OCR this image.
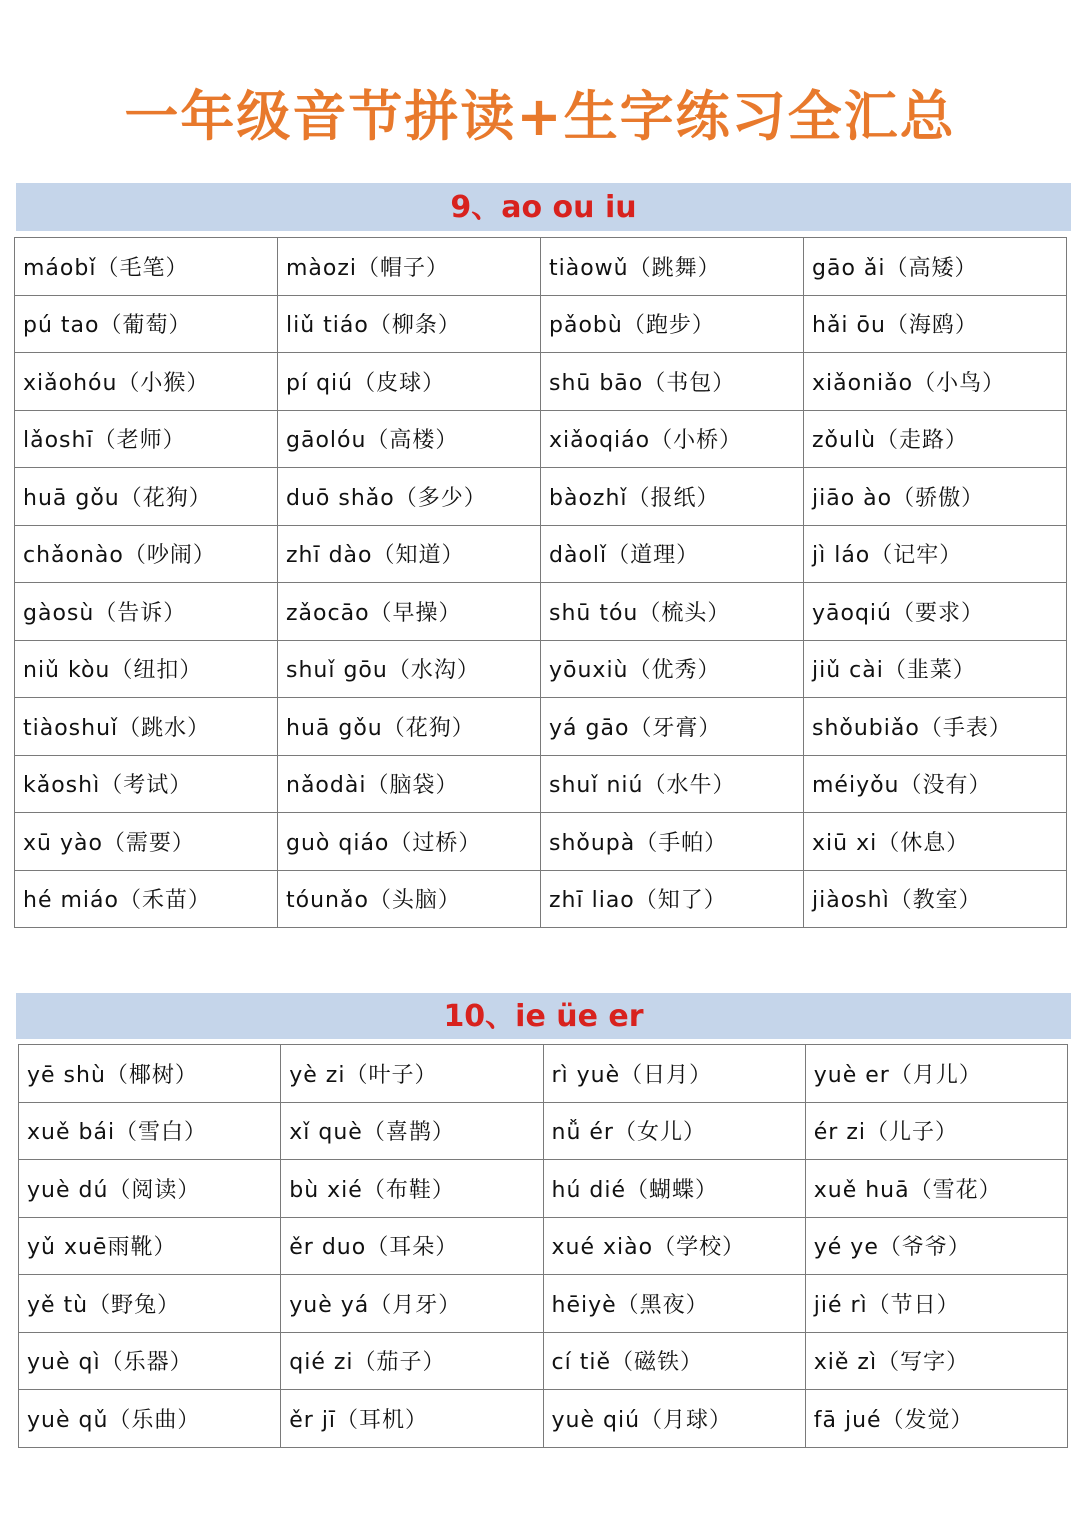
一年级音节拼读+生字练习全汇总
9、ao ou iu
máobǐ（毛笔）	màozi（帽子）	tiàowǔ（跳舞）	gāo ǎi（高矮）
pú tao（葡萄）	liǔ tiáo（柳条）	pǎobù（跑步）	hǎi ōu（海鸥）
xiǎohóu（小猴）	pí qiú（皮球）	shū bāo（书包）	xiǎoniǎo（小鸟）
lǎoshī（老师）	gāolóu（高楼）	xiǎoqiáo（小桥）	zǒulù（走路）
huā gǒu（花狗）	duō shǎo（多少）	bàozhǐ（报纸）	jiāo ào（骄傲）
chǎonào（吵闹）	zhī dào（知道）	dàolǐ（道理）	jì láo（记牢）
gàosù（告诉）	zǎocāo（早操）	shū tóu（梳头）	yāoqiú（要求）
niǔ kòu（纽扣）	shuǐ gōu（水沟）	yōuxiù（优秀）	jiǔ cài（韭菜）
tiàoshuǐ（跳水）	huā gǒu（花狗）	yá gāo（牙膏）	shǒubiǎo（手表）
kǎoshì（考试）	nǎodài（脑袋）	shuǐ niú（水牛）	méiyǒu（没有）
xū yào（需要）	guò qiáo（过桥）	shǒupà（手帕）	xiū xi（休息）
hé miáo（禾苗）	tóunǎo（头脑）	zhī liao（知了）	jiàoshì（教室）
10、ie üe er
yē shù（椰树）	yè zi（叶子）	rì yuè（日月）	yuè er（月儿）
xuě bái（雪白）	xǐ què（喜鹊）	nǚ ér（女儿）	ér zi（儿子）
yuè dú（阅读）	bù xié（布鞋）	hú dié（蝴蝶）	xuě huā（雪花）
yǔ xuē雨靴）	ěr duo（耳朵）	xué xiào（学校）	yé ye（爷爷）
yě tù（野兔）	yuè yá（月牙）	hēiyè（黑夜）	jié rì（节日）
yuè qì（乐器）	qié zi（茄子）	cí tiě（磁铁）	xiě zì（写字）
yuè qǔ（乐曲）	ěr jī（耳机）	yuè qiú（月球）	fā jué（发觉）
